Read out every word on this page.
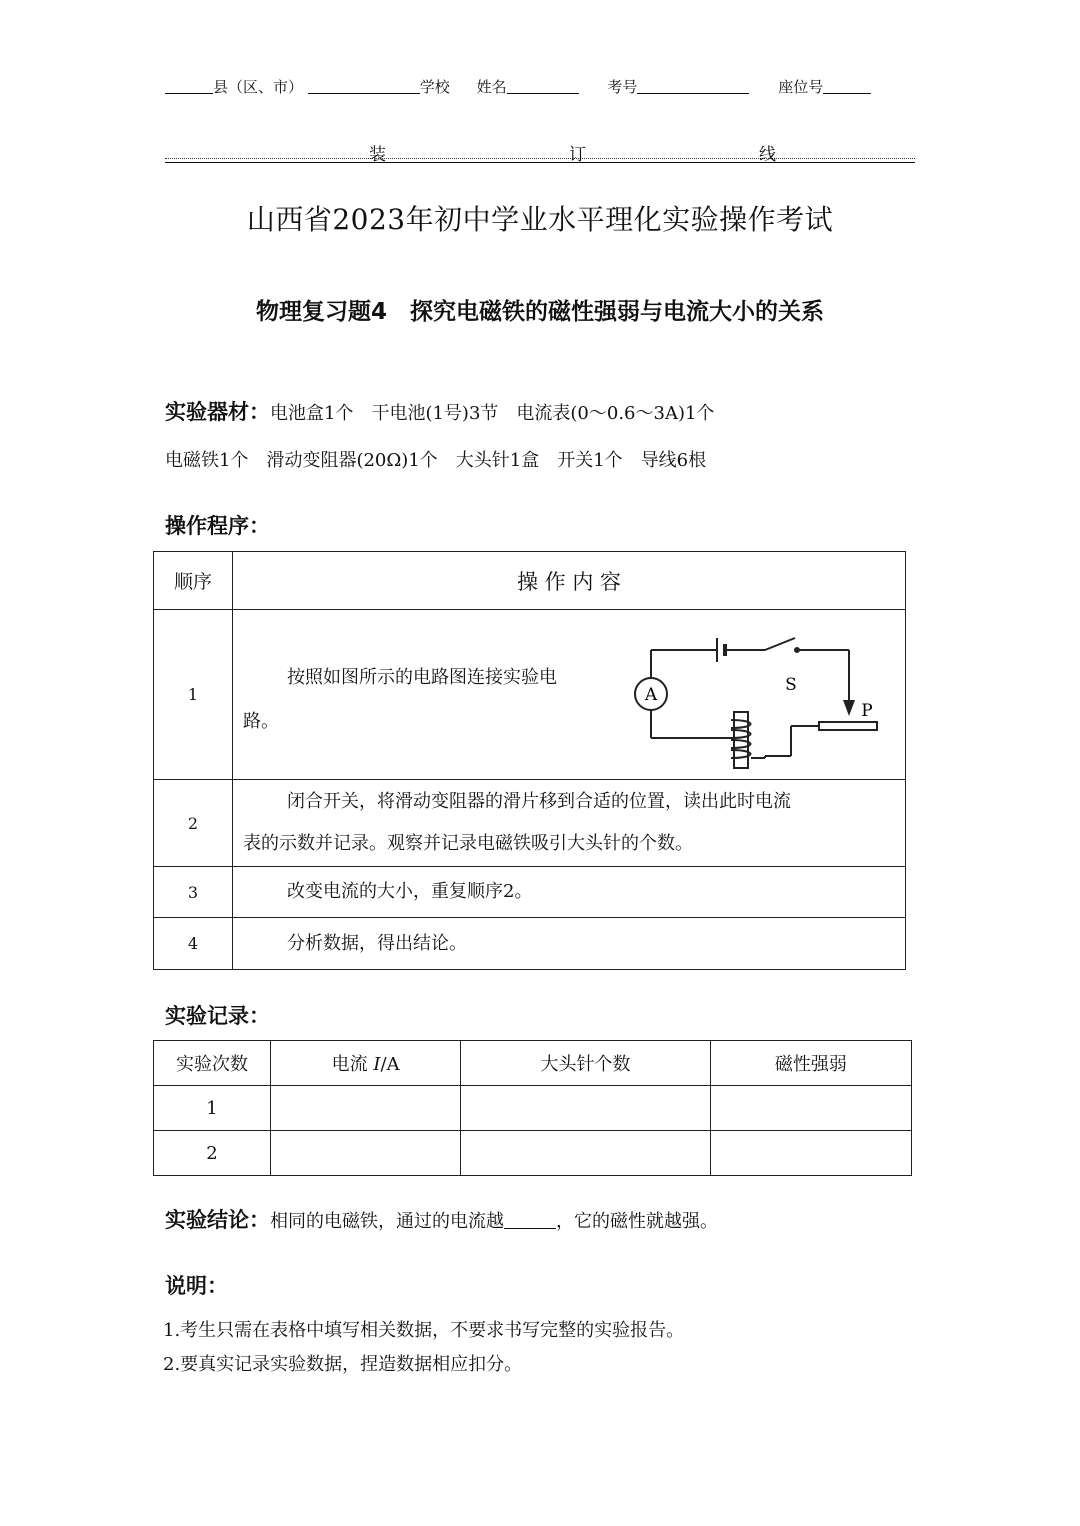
县（区、市）	学校 姓名	考号	座位号
装	订	线
山西省2023年初中学业水平理化实验操作考试
物理复习题4　探究电磁铁的磁性强弱与电流大小的关系
实验器材：电池盒1个　干电池(1号)3节　电流表(0～0.6～3A)1个
电磁铁1个　滑动变阻器(20Ω)1个　大头针1盒　开关1个　导线6根
操作程序：
顺序	操 作 内 容
1	按照如图所示的电路图连接实验电
路。
A S
P

2	闭合开关，将滑动变阻器的滑片移到合适的位置，读出此时电流
表的示数并记录。观察并记录电磁铁吸引大头针的个数。

3	改变电流的大小，重复顺序2。

4	分析数据，得出结论。
实验记录：
实验次数	电流 I/A	大头针个数	磁性强弱
1			
2			
实验结论：相同的电磁铁，通过的电流越	，它的磁性就越强。
说明：
1.考生只需在表格中填写相关数据，不要求书写完整的实验报告。
2.要真实记录实验数据，捏造数据相应扣分。
